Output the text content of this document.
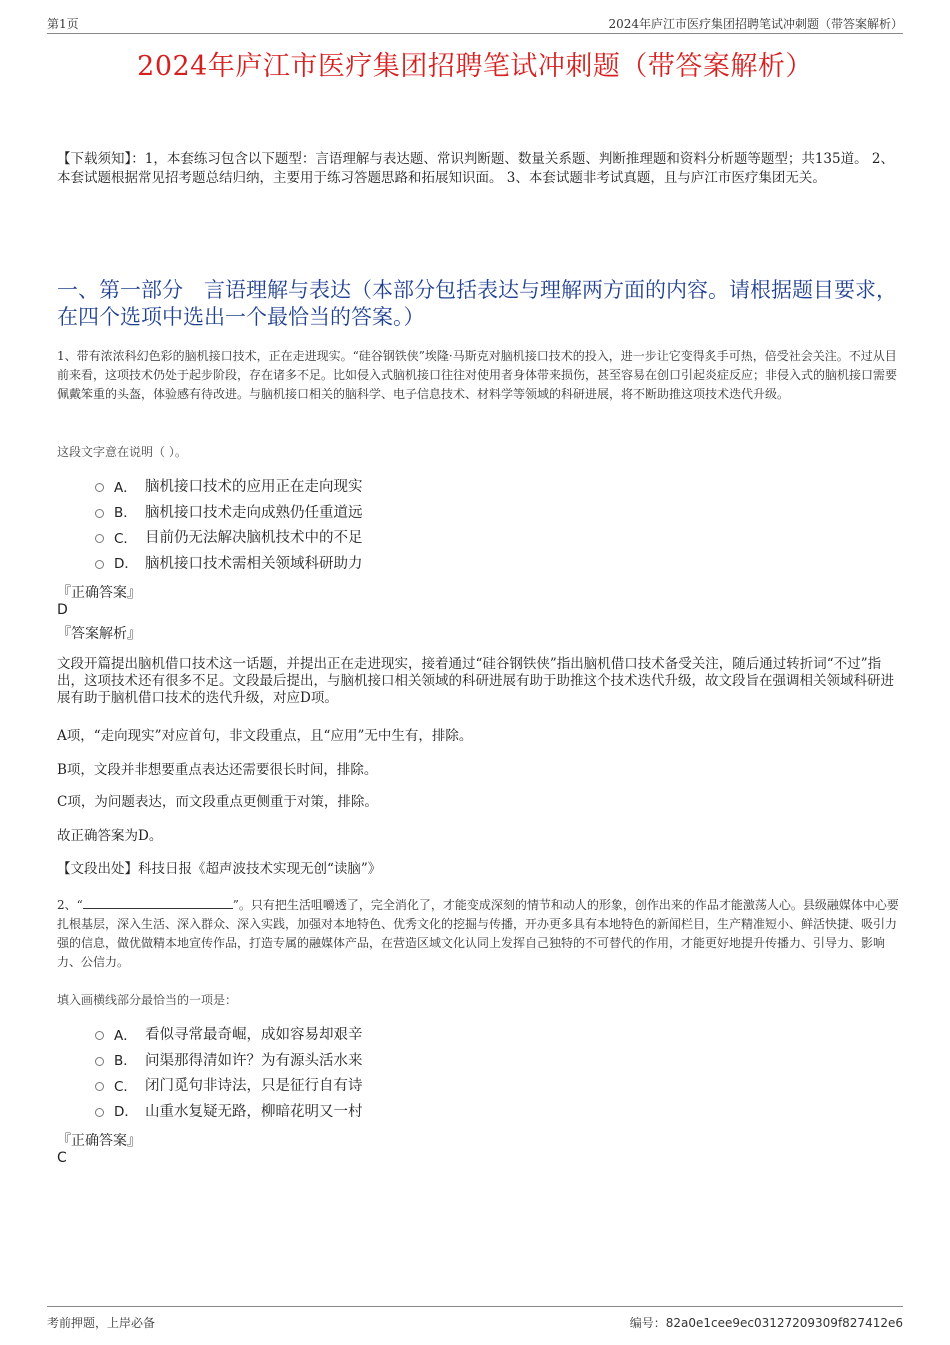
第1页	2024年庐江市医疗集团招聘笔试冲刺题（带答案解析）
2024年庐江市医疗集团招聘笔试冲刺题（带答案解析）
【下载须知】：1，本套练习包含以下题型：言语理解与表达题、常识判断题、数量关系题、判断推理题和资料分析题等题型；共135道。 2、本套试题根据常见招考题总结归纳，主要用于练习答题思路和拓展知识面。 3、本套试题非考试真题，且与庐江市医疗集团无关。
一、第一部分　言语理解与表达（本部分包括表达与理解两方面的内容。请根据题目要求，在四个选项中选出一个最恰当的答案。）
1、带有浓浓科幻色彩的脑机接口技术，正在走进现实。“硅谷钢铁侠”埃隆·马斯克对脑机接口技术的投入，进一步让它变得炙手可热，倍受社会关注。不过从目前来看，这项技术仍处于起步阶段，存在诸多不足。比如侵入式脑机接口往往对使用者身体带来损伤，甚至容易在创口引起炎症反应；非侵入式的脑机接口需要佩戴笨重的头盔，体验感有待改进。与脑机接口相关的脑科学、电子信息技术、材料学等领域的科研进展，将不断助推这项技术迭代升级。
这段文字意在说明（ ）。
A． 脑机接口技术的应用正在走向现实
B． 脑机接口技术走向成熟仍任重道远
C． 目前仍无法解决脑机技术中的不足
D． 脑机接口技术需相关领域科研助力
『正确答案』
D
『答案解析』
文段开篇提出脑机借口技术这一话题，并提出正在走进现实，接着通过“硅谷钢铁侠”指出脑机借口技术备受关注，随后通过转折词“不过”指出，这项技术还有很多不足。文段最后提出，与脑机接口相关领域的科研进展有助于助推这个技术迭代升级，故文段旨在强调相关领域科研进展有助于脑机借口技术的迭代升级，对应D项。
A项，“走向现实”对应首句，非文段重点，且“应用”无中生有，排除。
B项，文段并非想要重点表达还需要很长时间，排除。
C项，为问题表达，而文段重点更侧重于对策，排除。
故正确答案为D。
【文段出处】科技日报《超声波技术实现无创“读脑”》
2、“	”。只有把生活咀嚼透了，完全消化了，才能变成深刻的情节和动人的形象，创作出来的作品才能激荡人心。县级融媒体中心要扎根基层，深入生活、深入群众、深入实践，加强对本地特色、优秀文化的挖掘与传播，开办更多具有本地特色的新闻栏目，生产精准短小、鲜活快捷、吸引力强的信息，做优做精本地宣传作品，打造专属的融媒体产品，在营造区域文化认同上发挥自己独特的不可替代的作用，才能更好地提升传播力、引导力、影响力、公信力。
填入画横线部分最恰当的一项是：
A． 看似寻常最奇崛，成如容易却艰辛
B． 问渠那得清如许？为有源头活水来
C． 闭门觅句非诗法，只是征行自有诗
D． 山重水复疑无路，柳暗花明又一村
『正确答案』
C
考前押题，上岸必备	编号：82a0e1cee9ec03127209309f827412e6
